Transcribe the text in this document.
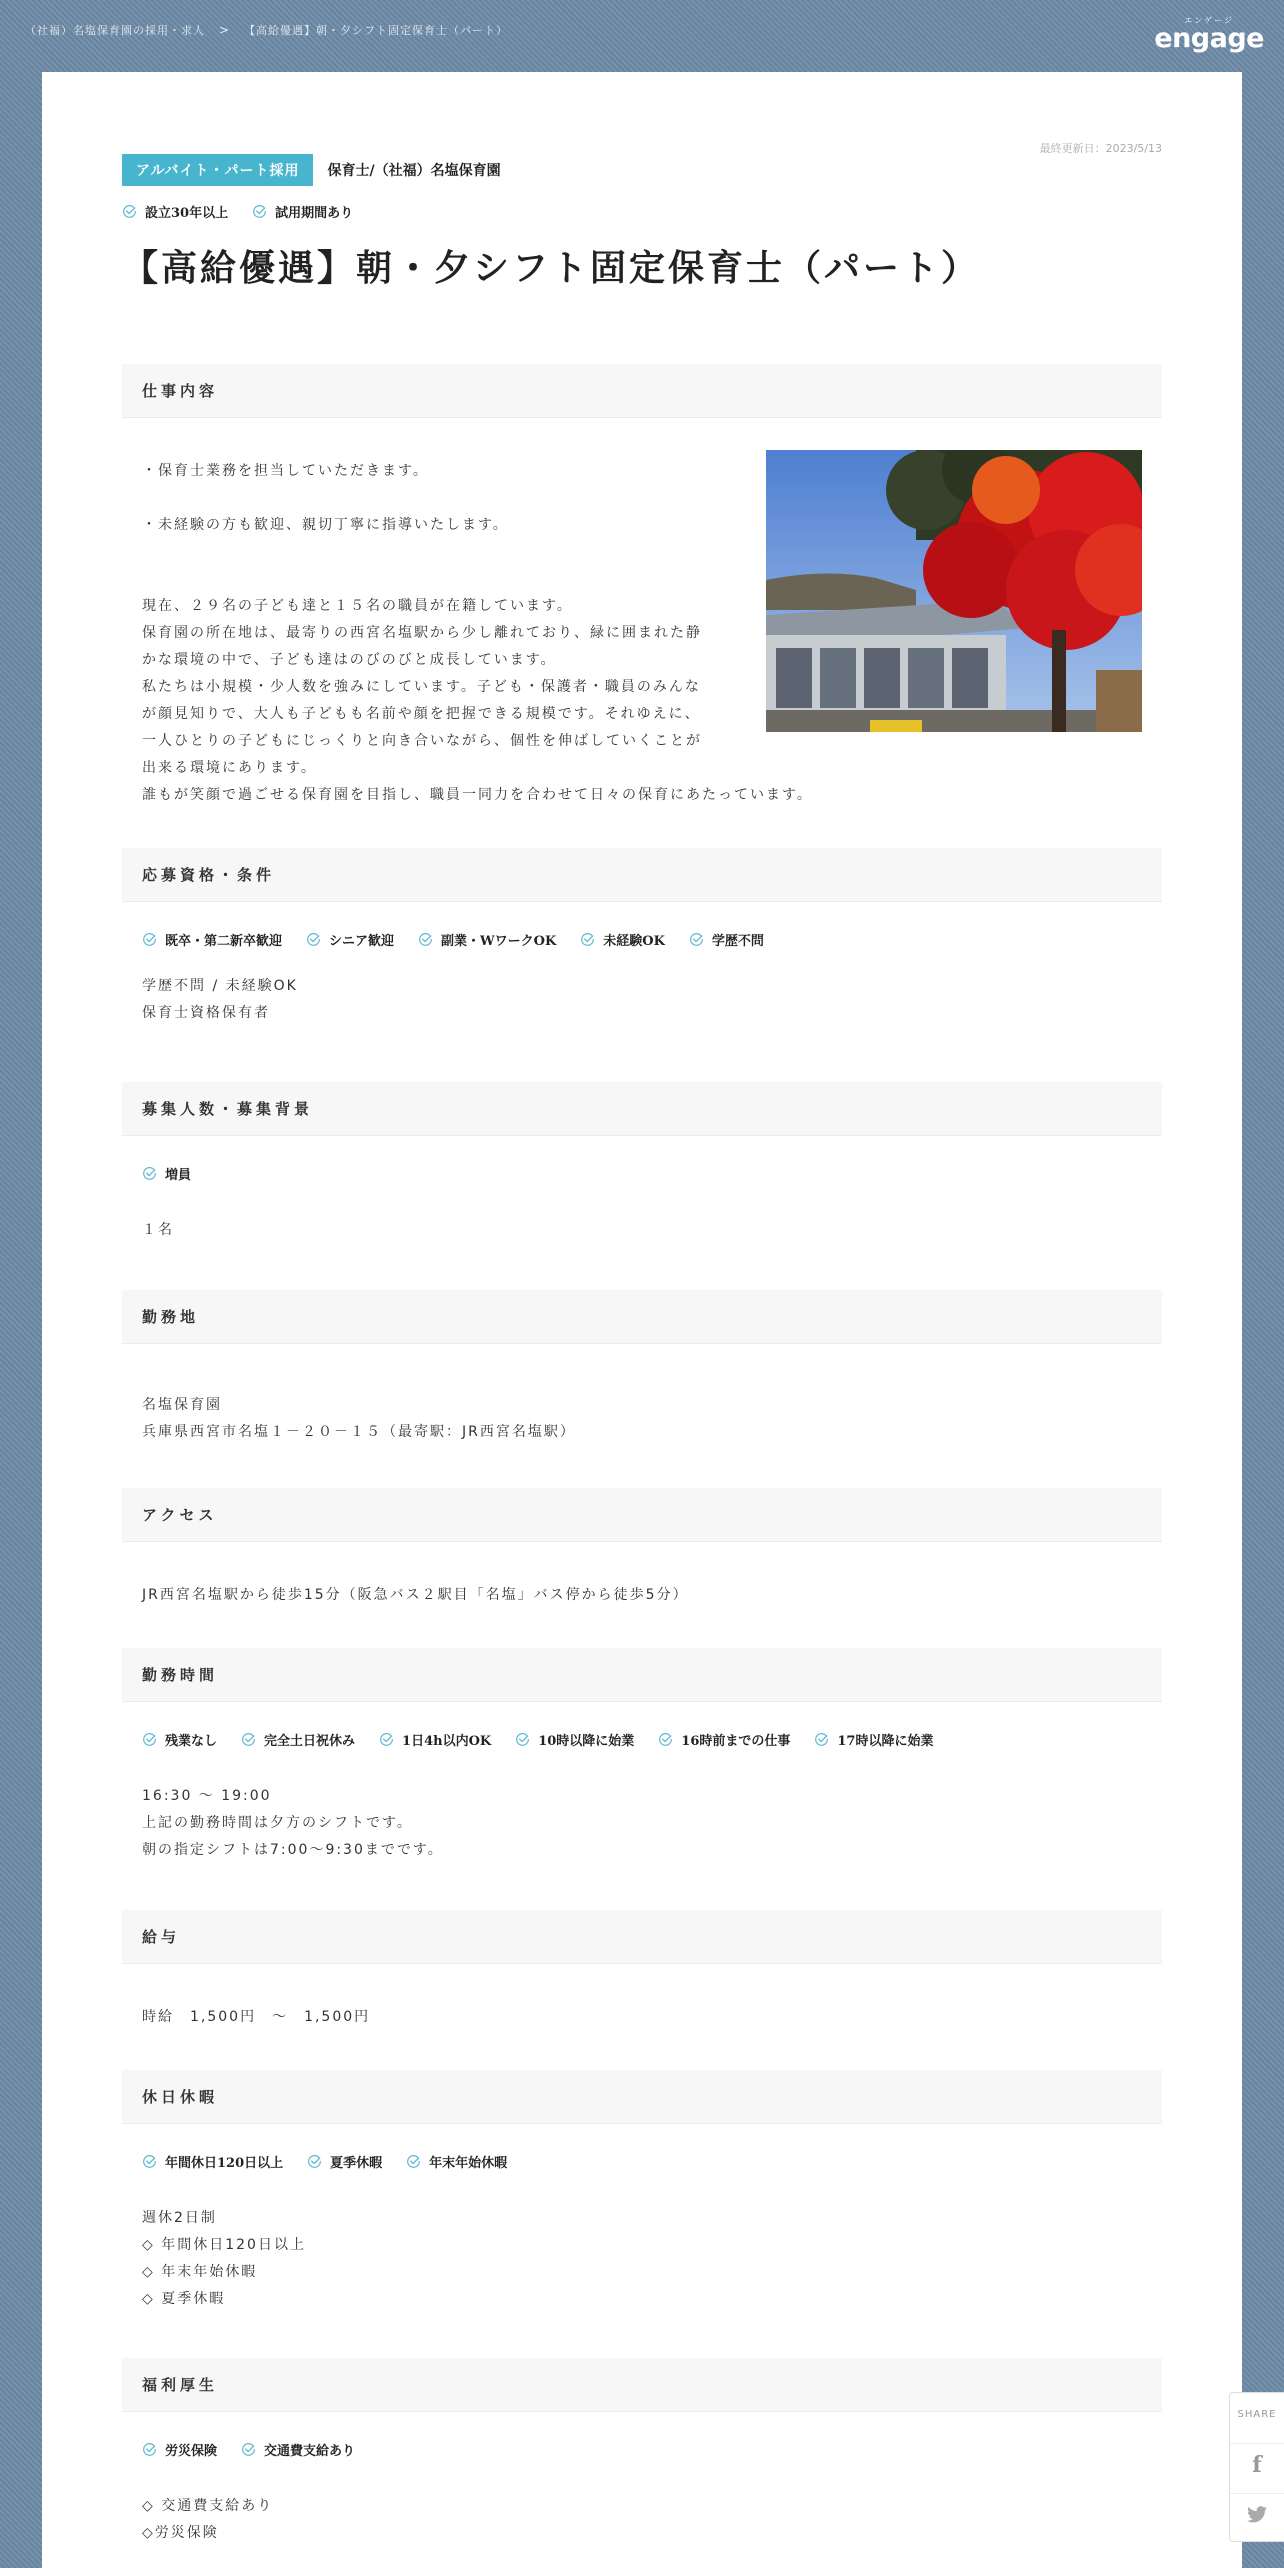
（社福）名塩保育園の採用・求人 > 【高給優遇】朝・夕シフト固定保育士（パート）
エンゲージ
engage
最終更新日：2023/5/13
アルバイト・パート採用	保育士/（社福）名塩保育園
設立30年以上	試用期間あり
【高給優遇】朝・夕シフト固定保育士（パート）
仕事内容

・保育士業務を担当していただきます。

・未経験の方も歓迎、親切丁寧に指導いたします。

現在、２９名の子ども達と１５名の職員が在籍しています。

保育園の所在地は、最寄りの西宮名塩駅から少し離れており、緑に囲まれた静

かな環境の中で、子ども達はのびのびと成長しています。

私たちは小規模・少人数を強みにしています。子ども・保護者・職員のみんな

が顔見知りで、大人も子どもも名前や顔を把握できる規模です。それゆえに、

一人ひとりの子どもにじっくりと向き合いながら、個性を伸ばしていくことが

出来る環境にあります。

誰もが笑顔で過ごせる保育園を目指し、職員一同力を合わせて日々の保育にあたっています。

応募資格・条件
既卒・第二新卒歓迎	シニア歓迎	副業・WワークOK	未経験OK	学歴不問

学歴不問 / 未経験OK

保育士資格保有者

募集人数・募集背景
増員

１名

勤務地

名塩保育園

兵庫県西宮市名塩１－２０－１５（最寄駅：JR西宮名塩駅）

アクセス

JR西宮名塩駅から徒歩15分（阪急バス２駅目「名塩」バス停から徒歩5分）

勤務時間
残業なし	完全土日祝休み	1日4h以内OK	10時以降に始業	16時前までの仕事	17時以降に始業

16:30 ～ 19:00

上記の勤務時間は夕方のシフトです。

朝の指定シフトは7:00～9:30までです。

給与

時給　1,500円　～　1,500円

休日休暇
年間休日120日以上	夏季休暇	年末年始休暇

週休2日制

◇ 年間休日120日以上

◇ 年末年始休暇

◇ 夏季休暇

福利厚生
労災保険	交通費支給あり

◇ 交通費支給あり

◇労災保険

SHARE
f
